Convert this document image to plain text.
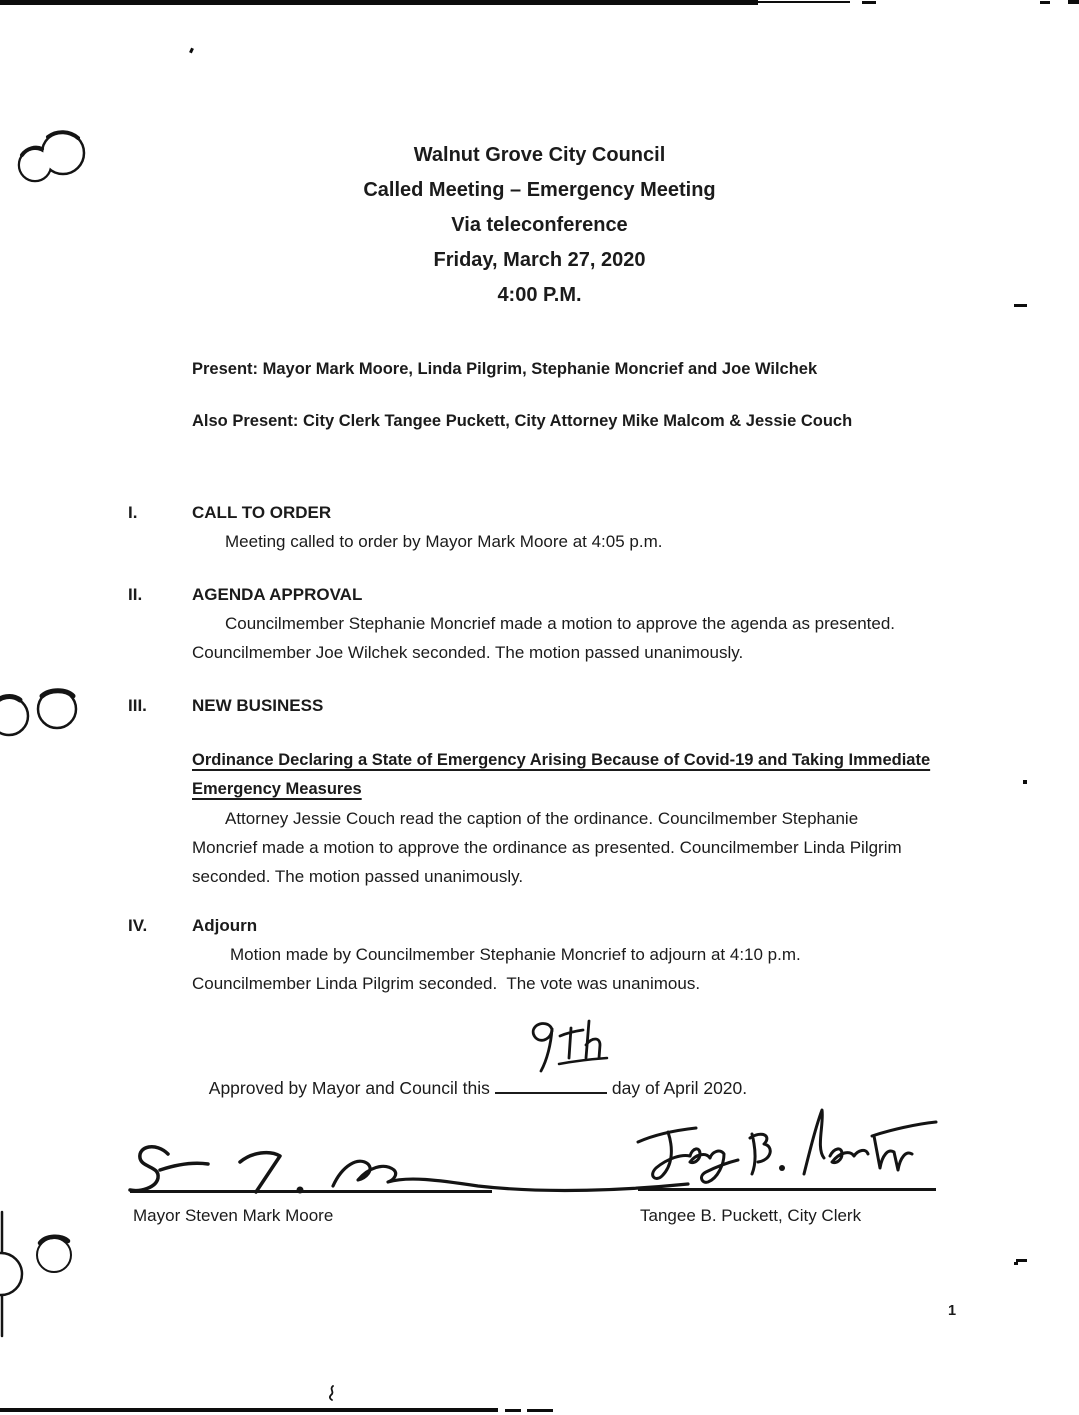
Walnut Grove City Council
Called Meeting – Emergency Meeting
Via teleconference
Friday, March 27, 2020
4:00 P.M.
Present: Mayor Mark Moore, Linda Pilgrim, Stephanie Moncrief and Joe Wilchek
Also Present: City Clerk Tangee Puckett, City Attorney Mike Malcom & Jessie Couch
I.	CALL TO ORDER
Meeting called to order by Mayor Mark Moore at 4:05 p.m.
II.	AGENDA APPROVAL
Councilmember Stephanie Moncrief made a motion to approve the agenda as presented.
Councilmember Joe Wilchek seconded. The motion passed unanimously.
III.	NEW BUSINESS
Ordinance Declaring a State of Emergency Arising Because of Covid-19 and Taking Immediate
Emergency Measures
Attorney Jessie Couch read the caption of the ordinance. Councilmember Stephanie
Moncrief made a motion to approve the ordinance as presented. Councilmember Linda Pilgrim
seconded. The motion passed unanimously.
IV.	Adjourn
Motion made by Councilmember Stephanie Moncrief to adjourn at 4:10 p.m.
Councilmember Linda Pilgrim seconded.  The vote was unanimous.

Approved by Mayor and Council this	day of April 2020.

Mayor Steven Mark Moore	Tangee B. Puckett, City Clerk
1
